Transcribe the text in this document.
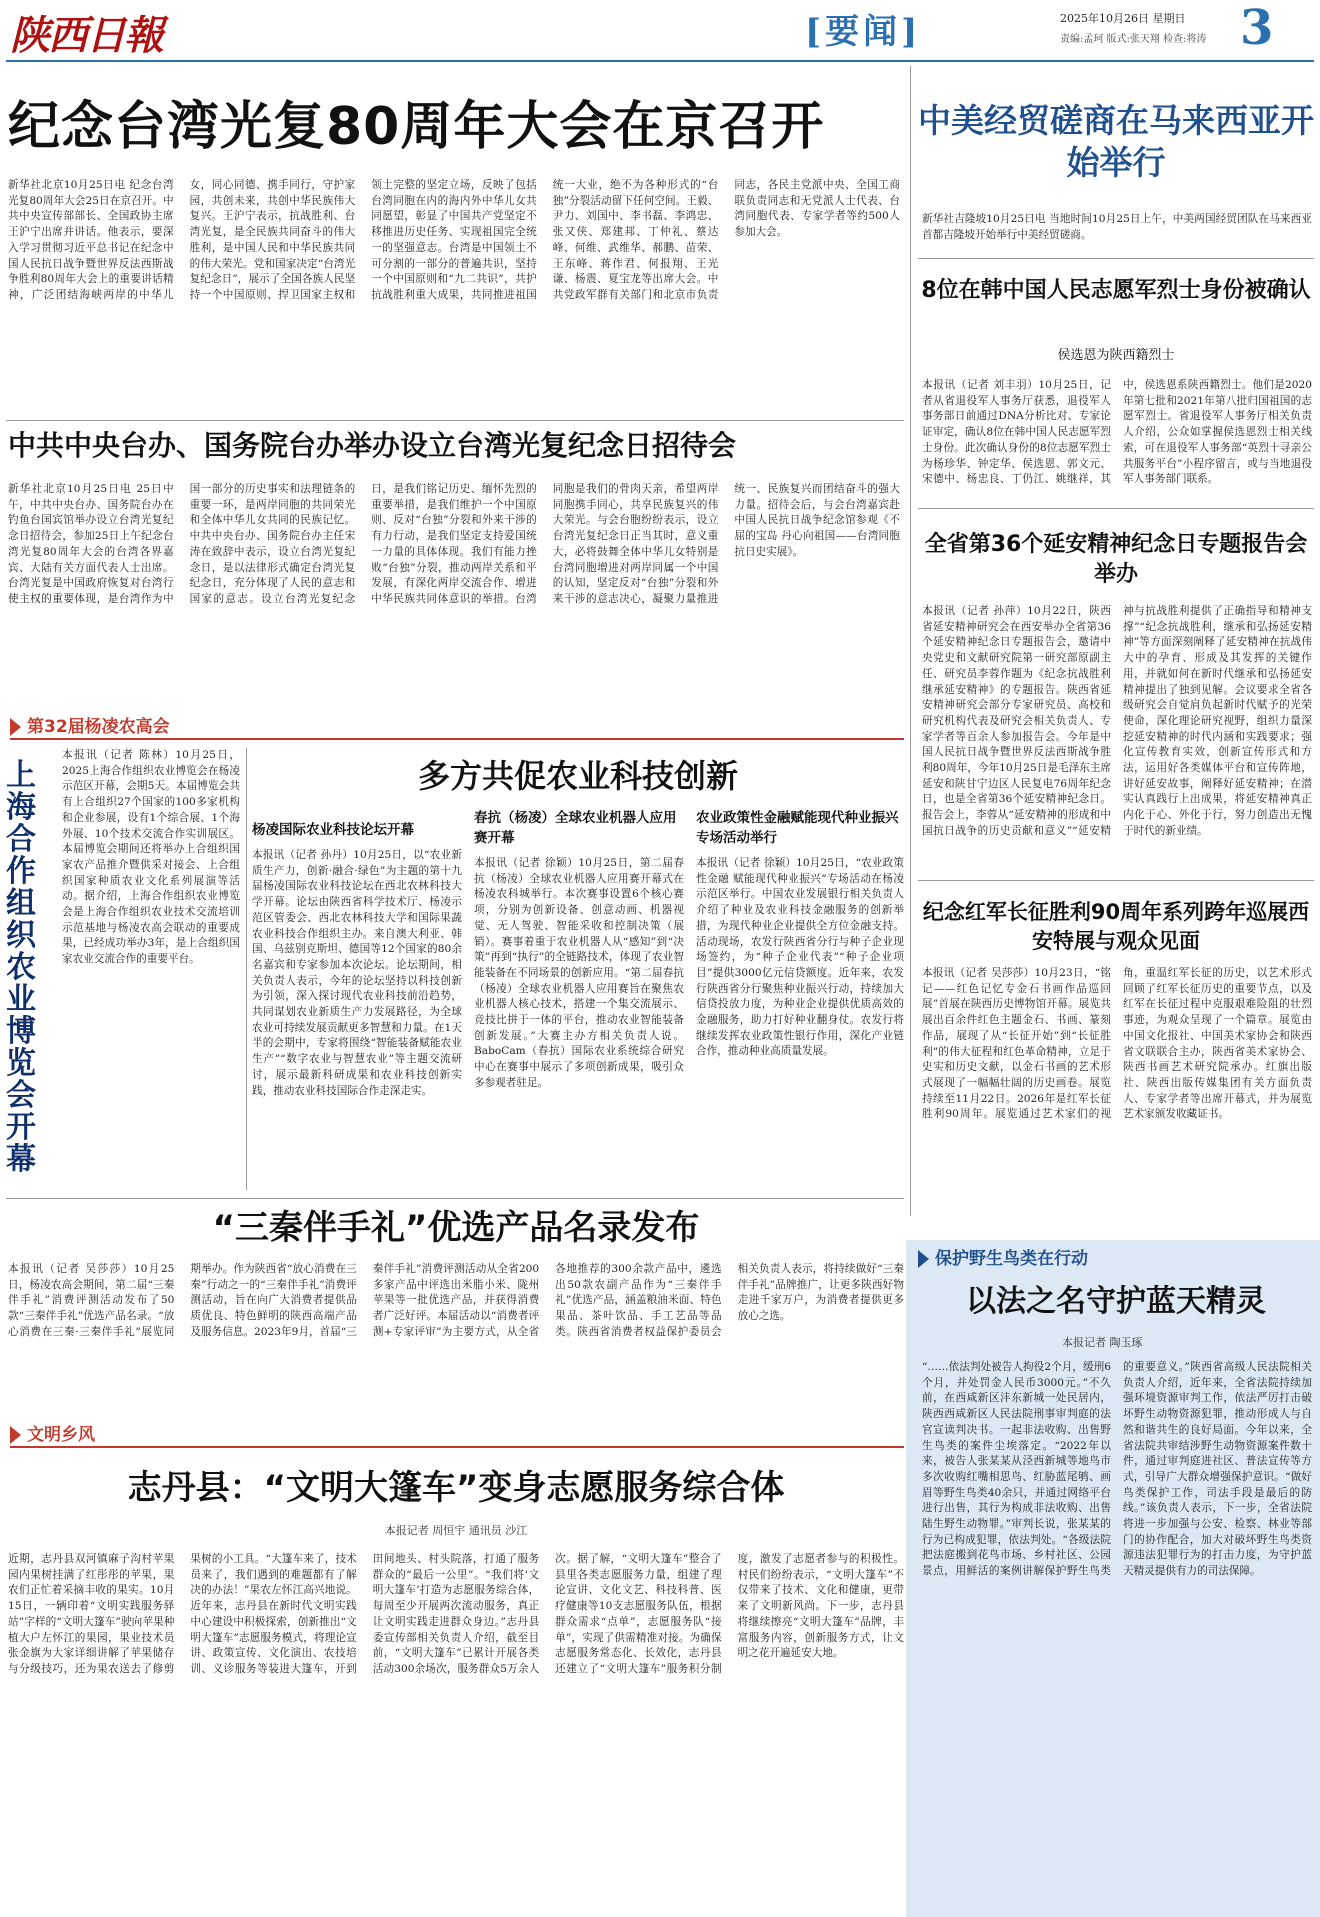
陕西日報	[要闻]	2025年10月26日 星期日
责编:孟珂 版式:张天翔 检查:将涛 3
纪念台湾光复80周年大会在京召开
新华社北京10月25日电 纪念台湾光复80周年大会25日在京召开。中共中央宣传部部长、全国政协主席王沪宁出席并讲话。他表示，要深入学习贯彻习近平总书记在纪念中国人民抗日战争暨世界反法西斯战争胜利80周年大会上的重要讲话精神，广泛团结海峡两岸的中华儿女，同心同德、携手同行，守护家园，共创未来，共创中华民族伟大复兴。王沪宁表示，抗战胜利、台湾光复，是全民族共同奋斗的伟大胜利，是中国人民和中华民族共同的伟大荣光。党和国家决定“台湾光复纪念日”，展示了全国各族人民坚持一个中国原则、捍卫国家主权和领土完整的坚定立场，反映了包括台湾同胞在内的海内外中华儿女共同愿望，彰显了中国共产党坚定不移推进历史任务、实现祖国完全统一的坚强意志。台湾是中国领土不可分割的一部分的普遍共识，坚持一个中国原则和“九二共识”，共护抗战胜利重大成果，共同推进祖国统一大业，绝不为各种形式的“台独”分裂活动留下任何空间。王毅、尹力、刘国中、李书磊、李鸿忠、张又侠、郑建邦、丁仲礼、蔡达峰、何维、武维华、郝鹏、苗荣、王东峰、蒋作君、何报翔、王光谦、杨震、夏宝龙等出席大会。中共党政军群有关部门和北京市负责同志，各民主党派中央、全国工商联负责同志和无党派人士代表、台湾同胞代表、专家学者等约500人参加大会。
中美经贸磋商在马来西亚开始举行
新华社吉隆坡10月25日电 当地时间10月25日上午，中美两国经贸团队在马来西亚首都吉隆坡开始举行中美经贸磋商。
8位在韩中国人民志愿军烈士身份被确认
侯选恩为陕西籍烈士
本报讯（记者 刘丰羽）10月25日，记者从省退役军人事务厅获悉，退役军人事务部日前通过DNA分析比对、专家论证审定，确认8位在韩中国人民志愿军烈士身份。此次确认身份的8位志愿军烈士为杨珍华、钟定华、侯选恩、郭文元、宋德中、杨忠良、丁仍江、姚继祥，其中，侯选恩系陕西籍烈士。他们是2020年第七批和2021年第八批归国祖国的志愿军烈士。省退役军人事务厅相关负责人介绍，公众如掌握侯选恩烈士相关线索，可在退役军人事务部“英烈十寻亲公共服务平台”小程序留言，或与当地退役军人事务部门联系。
全省第36个延安精神纪念日专题报告会举办
本报讯（记者 孙萍）10月22日，陕西省延安精神研究会在西安举办全省第36个延安精神纪念日专题报告会，邀请中央党史和文献研究院第一研究部原副主任、研究员李蓉作题为《纪念抗战胜利 继承延安精神》的专题报告。陕西省延安精神研究会部分专家研究员、高校和研究机构代表及研究会相关负责人、专家学者等百余人参加报告会。今年是中国人民抗日战争暨世界反法西斯战争胜利80周年，今年10月25日是毛泽东主席延安和陕甘宁边区人民复电76周年纪念日，也是全省第36个延安精神纪念日。报告会上，李蓉从“延安精神的形成和中国抗日战争的历史贡献和意义”“延安精神与抗战胜利提供了正确指导和精神支撑”“纪念抗战胜利，继承和弘扬延安精神”等方面深刻阐释了延安精神在抗战伟大中的孕育、形成及其发挥的关键作用，并就如何在新时代继承和弘扬延安精神提出了独到见解。会议要求全省各级研究会自觉肩负起新时代赋予的光荣使命，深化理论研究视野，组织力量深挖延安精神的时代内涵和实践要求；强化宣传教育实效，创新宣传形式和方法，运用好各类媒体平台和宣传阵地，讲好延安故事，阐释好延安精神；在潜实认真践行上出成果，将延安精神真正内化于心、外化于行，努力创造出无愧于时代的新业绩。
纪念红军长征胜利90周年系列跨年巡展西安特展与观众见面
本报讯（记者 吴莎莎）10月23日，“铭记——红色记忆专金石书画作品巡回展”首展在陕西历史博物馆开幕。展览共展出百余件红色主题金石、书画、篆刻作品，展现了从“长征开始”到“长征胜利”的伟大征程和红色革命精神，立足于史实和历史文献，以金石书画的艺术形式展现了一幅幅壮阔的历史画卷。展览持续至11月22日。2026年是红军长征胜利90周年。展览通过艺术家们的视角，重温红军长征的历史，以艺术形式回顾了红军长征历史的重要节点，以及红军在长征过程中克服艰难险阻的壮烈事迹，为观众呈现了一个篇章。展览由中国文化报社、中国美术家协会和陕西省文联联合主办，陕西省美术家协会、陕西书画艺术研究院承办。红旗出版社、陕西出版传媒集团有关方面负责人、专家学者等出席开幕式，并为展览艺术家颁发收藏证书。
中共中央台办、国务院台办举办设立台湾光复纪念日招待会
新华社北京10月25日电 25日中午，中共中央台办、国务院台办在钓鱼台国宾馆举办设立台湾光复纪念日招待会，参加25日上午纪念台湾光复80周年大会的台湾各界嘉宾、大陆有关方面代表人士出席。台湾光复是中国政府恢复对台湾行使主权的重要体现，是台湾作为中国一部分的历史事实和法理链条的重要一环，是两岸同胞的共同荣光和全体中华儿女共同的民族记忆。中共中央台办、国务院台办主任宋涛在致辞中表示，设立台湾光复纪念日，是以法律形式确定台湾光复纪念日，充分体现了人民的意志和国家的意志。设立台湾光复纪念日，是我们铭记历史、缅怀先烈的重要举措，是我们维护一个中国原则、反对“台独”分裂和外来干涉的有力行动，是我们坚定支持爱国统一力量的具体体现。我们有能力挫败“台独”分裂，推动两岸关系和平发展，有深化两岸交流合作、增进中华民族共同体意识的举措。台湾同胞是我们的骨肉天亲，希望两岸同胞携手同心，共享民族复兴的伟大荣光。与会台胞纷纷表示，设立台湾光复纪念日正当其时，意义重大，必将鼓舞全体中华儿女特别是台湾同胞增进对两岸同属一个中国的认知，坚定反对“台独”分裂和外来干涉的意志决心，凝聚力量推进统一、民族复兴而团结奋斗的强大力量。招待会后，与会台湾嘉宾赴中国人民抗日战争纪念馆参观《不屈的宝岛 丹心向祖国——台湾同胞抗日史实展》。
第32届杨凌农高会
上海合作组织农业博览会开幕
本报讯（记者 陈林）10月25日，2025上海合作组织农业博览会在杨凌示范区开幕，会期5天。本届博览会共有上合组织27个国家的100多家机构和企业参展，设有1个综合展、1个海外展、10个技术交流合作实训展区。本届博览会期间还将举办上合组织国家农产品推介暨供采对接会、上合组织国家种质农业文化系列展演等活动。据介绍，上海合作组织农业博览会是上海合作组织农业技术交流培训示范基地与杨凌农高会联动的重要成果，已经成功举办3年，是上合组织国家农业交流合作的重要平台。
多方共促农业科技创新
杨凌国际农业科技论坛开幕
本报讯（记者 孙丹）10月25日，以“农业新质生产力，创新·融合·绿色”为主题的第十九届杨凌国际农业科技论坛在西北农林科技大学开幕。论坛由陕西省科学技术厅、杨凌示范区管委会、西北农林科技大学和国际果蔬农业科技合作组织主办。来自澳大利亚、韩国、乌兹别克斯坦、德国等12个国家的80余名嘉宾和专家参加本次论坛。论坛期间，相关负责人表示，今年的论坛坚持以科技创新为引领，深入探讨现代农业科技前沿趋势，共同谋划农业新质生产力发展路径，为全球农业可持续发展贡献更多智慧和力量。在1天半的会期中，专家将围绕“智能装备赋能农业生产”“数字农业与智慧农业”等主题交流研讨，展示最新科研成果和农业科技创新实践，推动农业科技国际合作走深走实。
春抗（杨凌）全球农业机器人应用赛开幕
本报讯（记者 徐颖）10月25日，第二届春抗（杨凌）全球农业机器人应用赛开幕式在杨凌农科城举行。本次赛事设置6个核心赛项，分别为创新设备、创意动画、机器视觉、无人驾驶、智能采收和控制决策（展销）。赛事着重于农业机器人从“感知”到“决策”再到“执行”的全链路技术，体现了农业智能装备在不同场景的创新应用。“第二届春抗（杨凌）全球农业机器人应用赛旨在聚焦农业机器人核心技术，搭建一个集交流展示、竞技比拼于一体的平台，推动农业智能装备创新发展。”大赛主办方相关负责人说。BaboCam（春抗）国际农业系统综合研究中心在赛事中展示了多项创新成果，吸引众多参观者驻足。
农业政策性金融赋能现代种业振兴专场活动举行
本报讯（记者 徐颖）10月25日，“农业政策性金融 赋能现代种业振兴”专场活动在杨凌示范区举行。中国农业发展银行相关负责人介绍了种业及农业科技金融服务的创新举措，为现代种业企业提供全方位金融支持。活动现场，农发行陕西省分行与种子企业现场签约，为“种子企业代表”“种子企业项目”提供3000亿元信贷额度。近年来，农发行陕西省分行聚焦种业振兴行动，持续加大信贷投放力度，为种业企业提供优质高效的金融服务，助力打好种业翻身仗。农发行将继续发挥农业政策性银行作用，深化产业链合作，推动种业高质量发展。
“三秦伴手礼”优选产品名录发布
本报讯（记者 吴莎莎）10月25日，杨凌农高会期间，第二届“三秦伴手礼”消费评测活动发布了50款“三秦伴手礼”优选产品名录。“放心消费在三秦·三秦伴手礼”展览同期举办。作为陕西省“放心消费在三秦”行动之一的“三秦伴手礼”消费评测活动，旨在向广大消费者提供品质优良、特色鲜明的陕西高端产品及服务信息。2023年9月，首届“三秦伴手礼”消费评测活动从全省200多家产品中评选出米脂小米、陇州苹果等一批优选产品，并获得消费者广泛好评。本届活动以“消费者评测+专家评审”为主要方式，从全省各地推荐的300余款产品中，遴选出50款农副产品作为“三秦伴手礼”优选产品，涵盖粮油米面、特色果品、茶叶饮品、手工艺品等品类。陕西省消费者权益保护委员会相关负责人表示，将持续做好“三秦伴手礼”品牌推广，让更多陕西好物走进千家万户，为消费者提供更多放心之选。
保护野生鸟类在行动
以法之名守护蓝天精灵
本报记者 陶玉琢
“……依法判处被告人拘役2个月，缓刑6个月，并处罚金人民币3000元。”不久前，在西咸新区沣东新城一处民居内，陕西西咸新区人民法院刑事审判庭的法官宣读判决书。一起非法收购、出售野生鸟类的案件尘埃落定。“2022年以来，被告人张某某从泾西新城等地鸟市多次收购红嘴相思鸟、红胁蓝尾鸲、画眉等野生鸟类40余只，并通过网络平台进行出售，其行为构成非法收购、出售陆生野生动物罪。”审判长说，张某某的行为已构成犯罪，依法判处。“各级法院把法庭搬到花鸟市场、乡村社区、公园景点，用鲜活的案例讲解保护野生鸟类的重要意义。”陕西省高级人民法院相关负责人介绍，近年来，全省法院持续加强环境资源审判工作，依法严厉打击破坏野生动物资源犯罪，推动形成人与自然和谐共生的良好局面。今年以来，全省法院共审结涉野生动物资源案件数十件，通过审判庭进社区、普法宣传等方式，引导广大群众增强保护意识。“做好鸟类保护工作，司法手段是最后的防线。”该负责人表示，下一步，全省法院将进一步加强与公安、检察、林业等部门的协作配合，加大对破坏野生鸟类资源违法犯罪行为的打击力度，为守护蓝天精灵提供有力的司法保障。
文明乡风
志丹县：“文明大篷车”变身志愿服务综合体
本报记者 周恒宇 通讯员 沙江
近期，志丹县双河镇麻子沟村苹果园内果树挂满了红彤彤的苹果，果农们正忙着采摘丰收的果实。10月15日，一辆印着“文明实践服务驿站”字样的“文明大篷车”驶向苹果种植大户左怀江的果园，果业技术员张金旗为大家详细讲解了苹果储存与分级技巧，还为果农送去了修剪果树的小工具。“大篷车来了，技术员来了，我们遇到的难题都有了解决的办法！”果农左怀江高兴地说。近年来，志丹县在新时代文明实践中心建设中积极探索，创新推出“文明大篷车”志愿服务模式，将理论宣讲、政策宣传、文化演出、农技培训、义诊服务等装进大篷车，开到田间地头、村头院落，打通了服务群众的“最后一公里”。“我们将‘文明大篷车’打造为志愿服务综合体，每周至少开展两次流动服务，真正让文明实践走进群众身边。”志丹县委宣传部相关负责人介绍，截至目前，“文明大篷车”已累计开展各类活动300余场次，服务群众5万余人次。据了解，“文明大篷车”整合了县里各类志愿服务力量，组建了理论宣讲、文化文艺、科技科普、医疗健康等10支志愿服务队伍，根据群众需求“点单”，志愿服务队“接单”，实现了供需精准对接。为确保志愿服务常态化、长效化，志丹县还建立了“文明大篷车”服务积分制度，激发了志愿者参与的积极性。村民们纷纷表示，“文明大篷车”不仅带来了技术、文化和健康，更带来了文明新风尚。下一步，志丹县将继续擦亮“文明大篷车”品牌，丰富服务内容，创新服务方式，让文明之花开遍延安大地。
